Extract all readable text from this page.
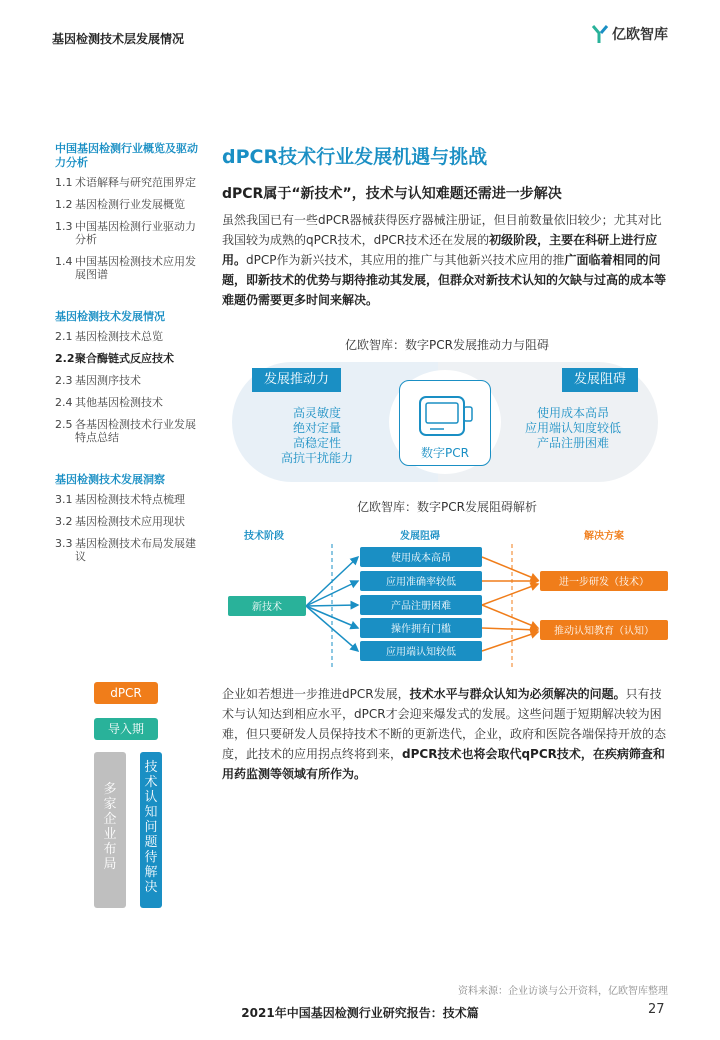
基因检测技术层发展情况	亿欧智库
中国基因检测行业概览及驱动力分析
1.1 术语解释与研究范围界定
1.2 基因检测行业发展概览
1.3 中国基因检测行业驱动力分析
1.4 中国基因检测技术应用发展图谱
基因检测技术发展情况
2.1 基因检测技术总览
2.2 聚合酶链式反应技术
2.3 基因测序技术
2.4 其他基因检测技术
2.5 各基因检测技术行业发展特点总结
基因检测技术发展洞察
3.1 基因检测技术特点梳理
3.2 基因检测技术应用现状
3.3 基因检测技术布局发展建议
dPCR技术行业发展机遇与挑战
dPCR属于“新技术”，技术与认知难题还需进一步解决

虽然我国已有一些dPCR器械获得医疗器械注册证，但目前数量依旧较少；尤其对比我国较为成熟的qPCR技术，dPCR技术还在发展的初级阶段，主要在科研上进行应用。dPCP作为新兴技术，其应用的推广与其他新兴技术应用的推广面临着相同的问题，即新技术的优势与期待推动其发展，但群众对新技术认知的欠缺与过高的成本等难题仍需要更多时间来解决。

亿欧智库：数字PCR发展推动力与阻碍
发展推动力	发展阻碍
高灵敏度
绝对定量
高稳定性
高抗干扰能力
使用成本高昂
应用端认知度较低
产品注册困难
数字PCR
亿欧智库：数字PCR发展阻碍解析
技术阶段	发展阻碍	解决方案
新技术
使用成本高昂
应用准确率较低
产品注册困难
操作拥有门槛
应用端认知较低
进一步研发（技术）
推动认知教育（认知）
dPCR
导入期
多
家
企
业
布
局
技
术
认
知
问
题
待
解
决

企业如若想进一步推进dPCR发展，技术水平与群众认知为必须解决的问题。只有技术与认知达到相应水平，dPCR才会迎来爆发式的发展。这些问题于短期解决较为困难，但只要研发人员保持技术不断的更新迭代，企业，政府和医院各端保持开放的态度，此技术的应用拐点终将到来，dPCR技术也将会取代qPCR技术，在疾病筛查和用药监测等领域有所作为。

资料来源：企业访谈与公开资料，亿欧智库整理
2021年中国基因检测行业研究报告：技术篇	27
